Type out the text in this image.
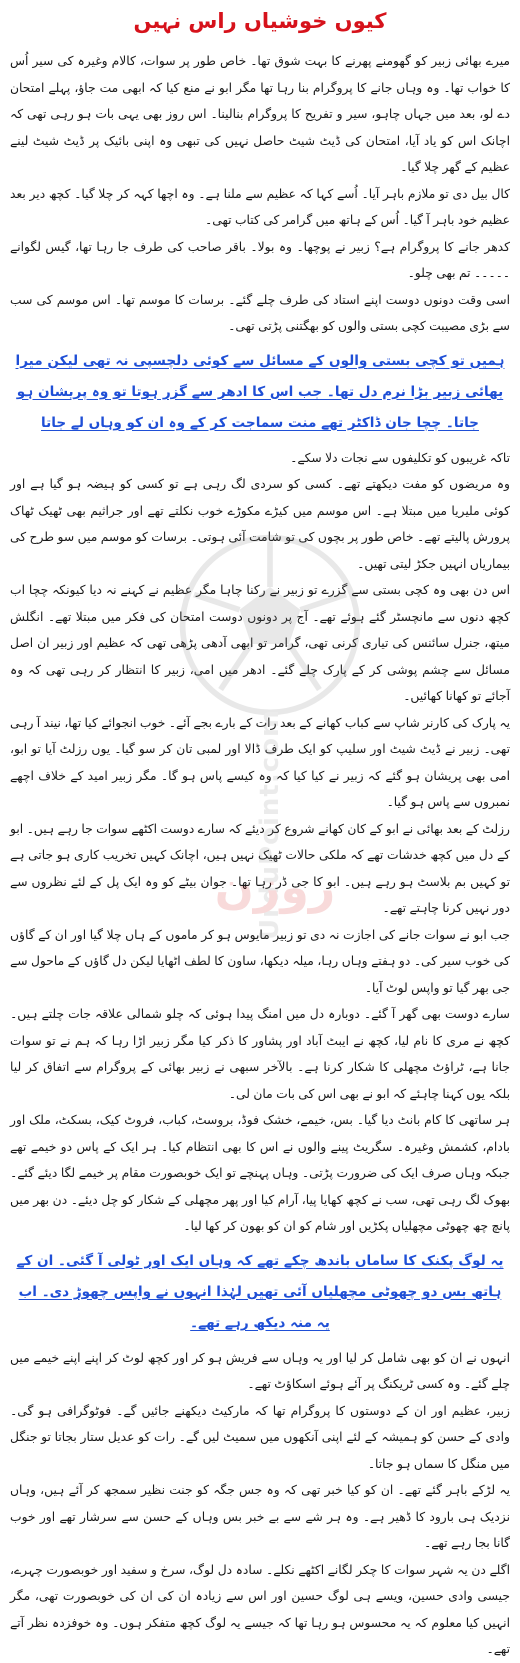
کیوں خوشیاں راس نہیں

میرے بھائی زبیر کو گھومنے پھرنے کا بہت شوق تھا۔ خاص طور پر سوات، کالام وغیرہ کی سیر اُس کا خواب تھا۔ وہ وہاں جانے کا پروگرام بنا رہا تھا مگر ابو نے منع کیا کہ ابھی مت جاؤ، پہلے امتحان دے لو، بعد میں جہاں چاہو، سیر و تفریح کا پروگرام بنالینا۔ اس روز بھی یہی بات ہو رہی تھی کہ اچانک اس کو یاد آیا، امتحان کی ڈیٹ شیٹ حاصل نہیں کی تبھی وہ اپنی بائیک پر ڈیٹ شیٹ لینے عظیم کے گھر چلا گیا۔

کال بیل دی تو ملازم باہر آیا۔ اُسے کہا کہ عظیم سے ملنا ہے۔ وہ اچھا کہہ کر چلا گیا۔ کچھ دیر بعد عظیم خود باہر آ گیا۔ اُس کے ہاتھ میں گرامر کی کتاب تھی۔

کدھر جانے کا پروگرام ہے؟ زبیر نے پوچھا۔ وہ بولا۔ باقر صاحب کی طرف جا رہا تھا، گیس لگوانے ۔۔۔۔۔ تم بھی چلو۔

اسی وقت دونوں دوست اپنے استاد کی طرف چلے گئے۔ برسات کا موسم تھا۔ اس موسم کی سب سے بڑی مصیبت کچی بستی والوں کو بھگتنی پڑتی تھی۔

ہمیں تو کچی بستی والوں کے مسائل سے کوئی دلچسپی نہ تھی لیکن میرا بھائی زبیر بڑا نرم دل تھا۔ جب اس کا ادھر سے گزر ہوتا تو وہ پریشان ہو جاتا۔ چچا جان ڈاکٹر تھے منت سماجت کر کے وہ ان کو وہاں لے جاتا

تاکہ غریبوں کو تکلیفوں سے نجات دلا سکے۔

وہ مریضوں کو مفت دیکھتے تھے۔ کسی کو سردی لگ رہی ہے تو کسی کو ہیضہ ہو گیا ہے اور کوئی ملیریا میں مبتلا ہے۔ اس موسم میں کیڑے مکوڑے خوب نکلتے تھے اور جراثیم بھی ٹھیک ٹھاک پرورش پالیتے تھے۔ خاص طور پر بچوں کی تو شامت آئی ہوتی۔ برسات کو موسم میں سو طرح کی بیماریاں انہیں جکڑ لیتی تھیں۔

اس دن بھی وہ کچی بستی سے گزرے تو زبیر نے رکنا چاہا مگر عظیم نے کہنے نہ دیا کیونکہ چچا اب کچھ دنوں سے مانچسٹر گئے ہوئے تھے۔ آج پر دونوں دوست امتحان کی فکر میں مبتلا تھے۔ انگلش میتھ، جنرل سائنس کی تیاری کرنی تھی، گرامر تو ابھی آدھی پڑھی تھی کہ عظیم اور زبیر ان اصل مسائل سے چشم پوشی کر کے پارک چلے گئے۔ ادھر میں امی، زبیر کا انتظار کر رہی تھی کہ وہ آجائے تو کھانا کھائیں۔

یہ پارک کی کارنر شاپ سے کباب کھانے کے بعد رات کے بارے بجے آئے۔ خوب انجوائے کیا تھا، نیند آ رہی تھی۔ زبیر نے ڈیٹ شیٹ اور سلیپ کو ایک طرف ڈالا اور لمبی تان کر سو گیا۔ یوں رزلٹ آیا تو ابو، امی بھی پریشان ہو گئے کہ زبیر نے کیا کیا کہ وہ کیسے پاس ہو گا۔ مگر زبیر امید کے خلاف اچھے نمبروں سے پاس ہو گیا۔

رزلٹ کے بعد بھائی نے ابو کے کان کھانے شروع کر دیئے کہ سارے دوست اکٹھے سوات جا رہے ہیں۔ ابو کے دل میں کچھ خدشات تھے کہ ملکی حالات ٹھیک نہیں ہیں، اچانک کہیں تخریب کاری ہو جاتی ہے تو کہیں بم بلاسٹ ہو رہے ہیں۔ ابو کا جی ڈر رہا تھا۔ جوان بیٹے کو وہ ایک پل کے لئے نظروں سے دور نہیں کرنا چاہتے تھے۔

جب ابو نے سوات جانے کی اجازت نہ دی تو زبیر مایوس ہو کر ماموں کے ہاں چلا گیا اور ان کے گاؤں کی خوب سیر کی۔ دو ہفتے وہاں رہا، میلہ دیکھا، ساون کا لطف اٹھایا لیکن دل گاؤں کے ماحول سے جی بھر گیا تو واپس لوٹ آیا۔

سارے دوست بھی گھر آ گئے۔ دوبارہ دل میں امنگ پیدا ہوئی کہ چلو شمالی علاقہ جات چلتے ہیں۔ کچھ نے مری کا نام لیا، کچھ نے ایبٹ آباد اور پشاور کا ذکر کیا مگر زبیر اڑا رہا کہ ہم نے تو سوات جانا ہے، ٹراؤٹ مچھلی کا شکار کرنا ہے۔ بالآخر سبھی نے زبیر بھائی کے پروگرام سے اتفاق کر لیا بلکہ یوں کہنا چاہئے کہ ابو نے بھی اس کی بات مان لی۔

ہر ساتھی کا کام بانٹ دیا گیا۔ بس، خیمے، خشک فوڈ، بروسٹ، کباب، فروٹ کیک، بسکٹ، ملک اور بادام، کشمش وغیرہ۔ سگریٹ پینے والوں نے اس کا بھی انتظام کیا۔ ہر ایک کے پاس دو خیمے تھے جبکہ وہاں صرف ایک کی ضرورت پڑتی۔ وہاں پہنچے تو ایک خوبصورت مقام پر خیمے لگا دیئے گئے۔ بھوک لگ رہی تھی، سب نے کچھ کھایا پیا، آرام کیا اور پھر مچھلی کے شکار کو چل دیئے۔ دن بھر میں پانچ چھ چھوٹی مچھلیاں پکڑیں اور شام کو ان کو بھون کر کھا لیا۔

یہ لوگ پکنک کا ساماں باندھ چکے تھے کہ وہاں ایک اور ٹولی آ گئی۔ ان کے ہاتھ بس دو چھوٹی مچھلیاں آئی تھیں لہٰذا انہوں نے واپس چھوڑ دی۔ اب یہ منہ دیکھ رہے تھے۔

انہوں نے ان کو بھی شامل کر لیا اور یہ وہاں سے فریش ہو کر اور کچھ لوٹ کر اپنے اپنے خیمے میں چلے گئے۔ وہ کسی ٹریکنگ پر آئے ہوئے اسکاؤٹ تھے۔

زبیر، عظیم اور ان کے دوستوں کا پروگرام تھا کہ مارکیٹ دیکھنے جائیں گے۔ فوٹوگرافی ہو گی۔ وادی کے حسن کو ہمیشہ کے لئے اپنی آنکھوں میں سمیٹ لیں گے۔ رات کو عدیل ستار بجاتا تو جنگل میں منگل کا سماں ہو جاتا۔

یہ لڑکے باہر گئے تھے۔ ان کو کیا خبر تھی کہ وہ جس جگہ کو جنت نظیر سمجھ کر آئے ہیں، وہاں نزدیک ہی بارود کا ڈھیر ہے۔ وہ ہر شے سے بے خبر بس وہاں کے حسن سے سرشار تھے اور خوب گانا بجا رہے تھے۔

اگلے دن یہ شہر سوات کا چکر لگانے اکٹھے نکلے۔ سادہ دل لوگ، سرخ و سفید اور خوبصورت چہرے، جیسی وادی حسین، ویسے ہی لوگ حسین اور اس سے زیادہ ان کی ان کی خوبصورت تھی، مگر انہیں کیا معلوم کہ یہ محسوس ہو رہا تھا کہ جیسے یہ لوگ کچھ متفکر ہوں۔ وہ خوفزدہ نظر آتے تھے۔

UrduPoint.com
روزن
